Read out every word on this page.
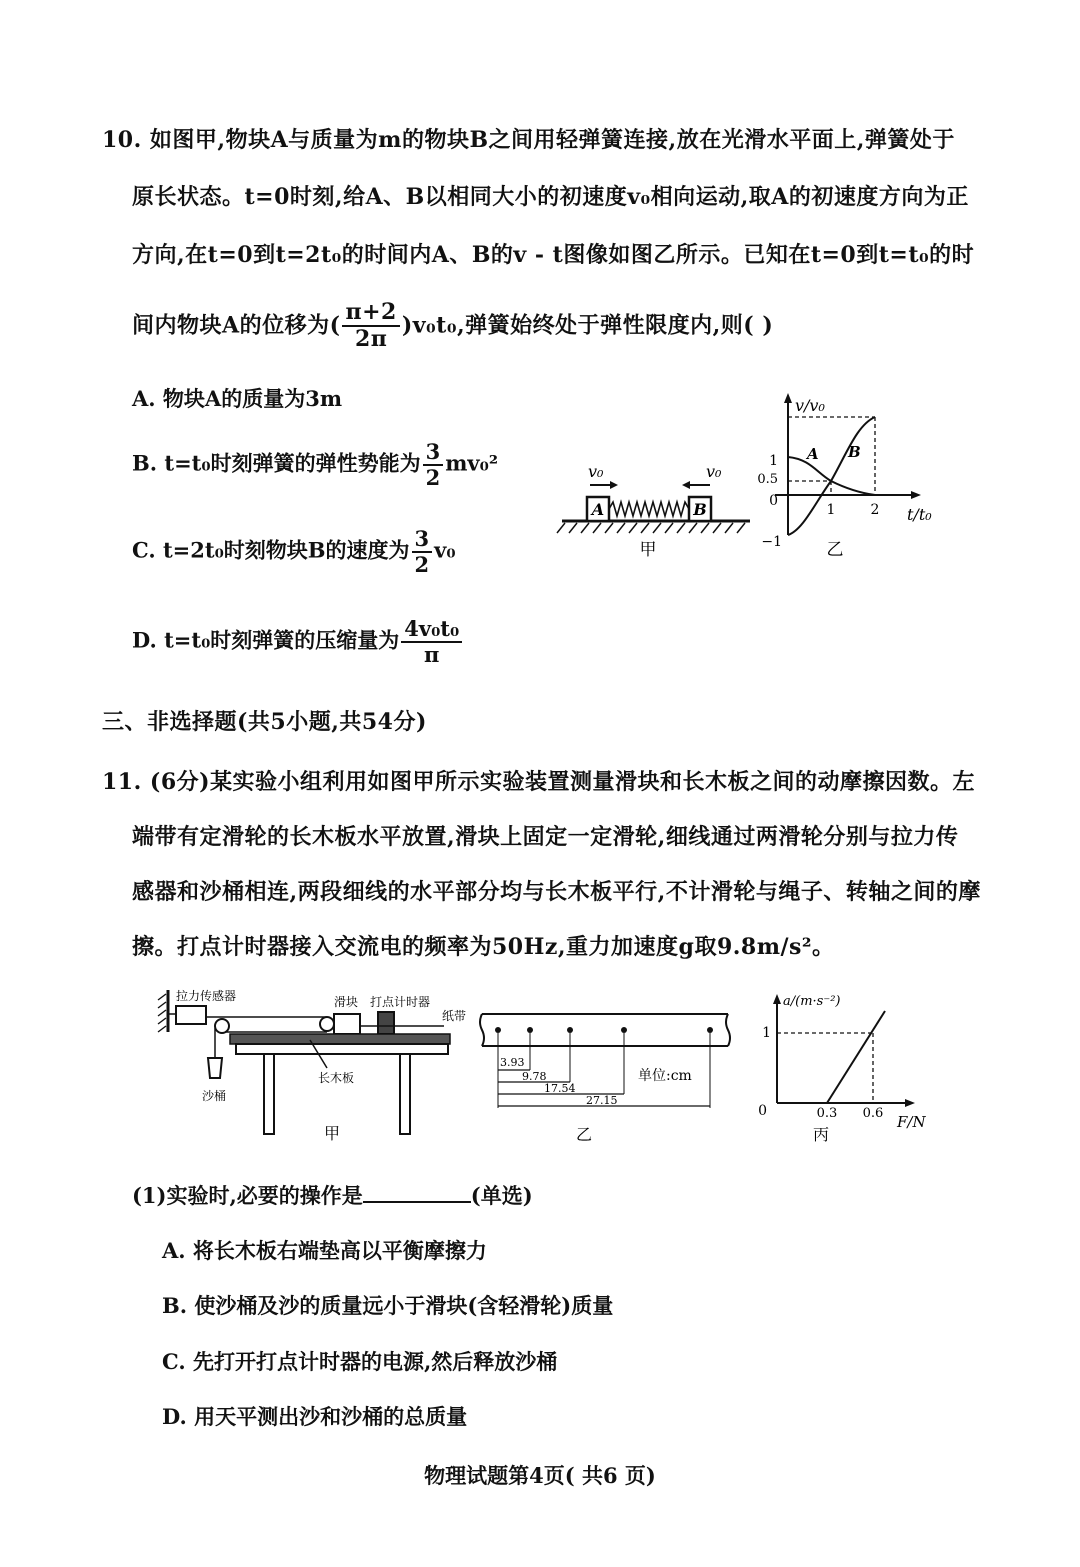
10. 如图甲,物块A与质量为m的物块B之间用轻弹簧连接,放在光滑水平面上,弹簧处于
原长状态。t=0时刻,给A、B以相同大小的初速度v₀相向运动,取A的初速度方向为正
方向,在t=0到t=2t₀的时间内A、B的v - t图像如图乙所示。已知在t=0到t=t₀的时
间内物块A的位移为( $\frac{\pi+2}{2\pi} )v_0t_0$,弹簧始终处于弹性限度内,则( )
A. 物块A的质量为3m
B. t=t₀时刻弹簧的弹性势能为 $\frac{3}{2} mv_0^2$
C. t=2t₀时刻物块B的速度为 $\frac{3}{2} v_0$
D. t=t₀时刻弹簧的压缩量为 $\frac{\text{4v₀t₀}}{\pi}$
A	B
v₀	v₀
甲
v/v₀
t/t₀
1
0.5
0
−1
1	2
A B
乙
三、非选择题(共5小题,共54分)
11. (6分)某实验小组利用如图甲所示实验装置测量滑块和长木板之间的动摩擦因数。左
端带有定滑轮的长木板水平放置,滑块上固定一定滑轮,细线通过两滑轮分别与拉力传
感器和沙桶相连,两段细线的水平部分均与长木板平行,不计滑轮与绳子、转轴之间的摩
擦。打点计时器接入交流电的频率为50Hz,重力加速度g取9.8m/s²。
拉力传感器
沙桶
滑块 打点计时器
纸带
长木板
甲
3.93
9.78
17.54
27.15
单位:cm
乙
a/(m·s⁻²)
F/N
1
0	0.3 0.6
丙
(1)实验时,必要的操作是	(单选)
A. 将长木板右端垫高以平衡摩擦力
B. 使沙桶及沙的质量远小于滑块(含轻滑轮)质量
C. 先打开打点计时器的电源,然后释放沙桶
D. 用天平测出沙和沙桶的总质量
物理试题第4页( 共6 页)
